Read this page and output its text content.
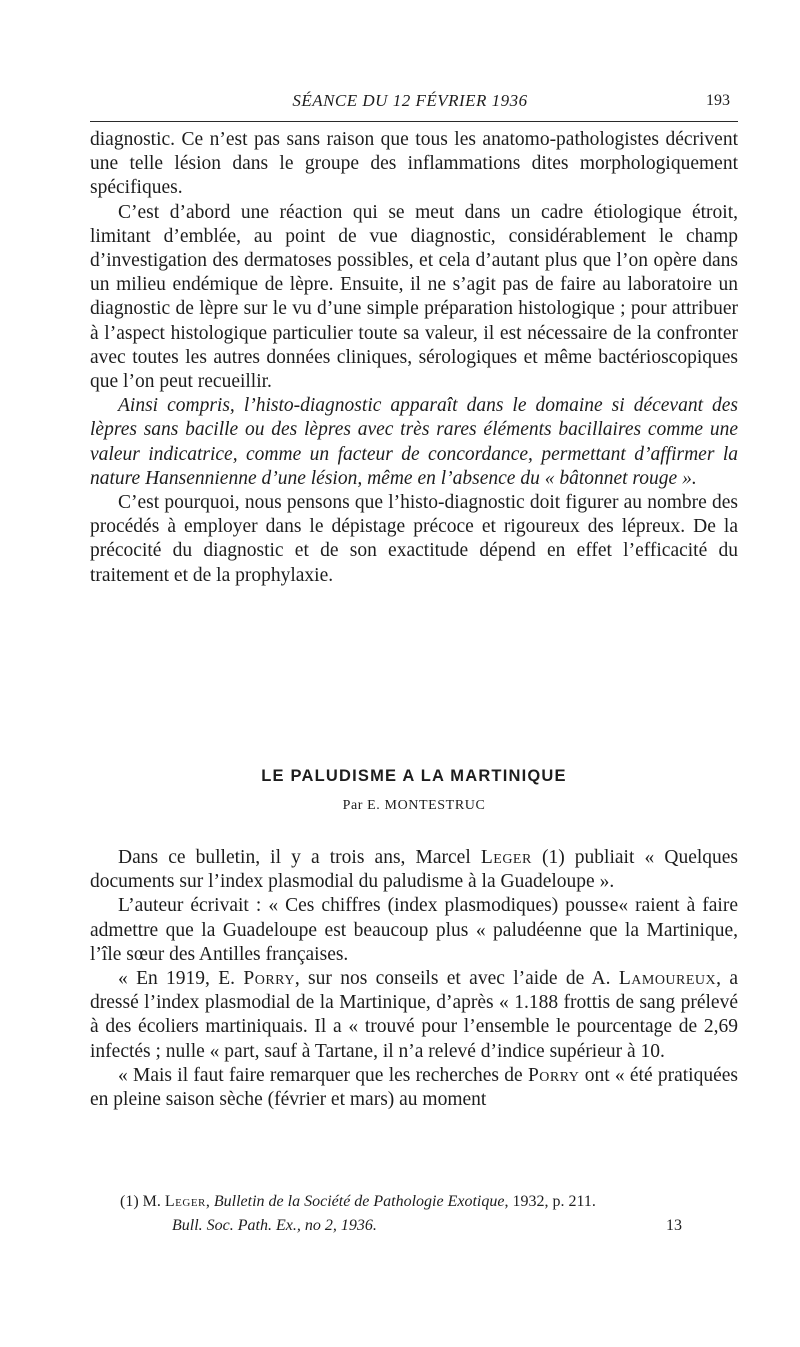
SÉANCE DU 12 FÉVRIER 1936	193

diagnostic. Ce n’est pas sans raison que tous les anatomo-pathologistes décrivent une telle lésion dans le groupe des inflammations dites morphologiquement spécifiques.

C’est d’abord une réaction qui se meut dans un cadre étiologique étroit, limitant d’emblée, au point de vue diagnostic, considérablement le champ d’investigation des dermatoses possibles, et cela d’autant plus que l’on opère dans un milieu endémique de lèpre. Ensuite, il ne s’agit pas de faire au laboratoire un diagnostic de lèpre sur le vu d’une simple préparation histologique ; pour attribuer à l’aspect histologique particulier toute sa valeur, il est nécessaire de la confronter avec toutes les autres données cliniques, sérologiques et même bactérioscopiques que l’on peut recueillir.

Ainsi compris, l’histo-diagnostic apparaît dans le domaine si décevant des lèpres sans bacille ou des lèpres avec très rares éléments bacillaires comme une valeur indicatrice, comme un facteur de concordance, permettant d’affirmer la nature Hansennienne d’une lésion, même en l’absence du « bâtonnet rouge ».

C’est pourquoi, nous pensons que l’histo-diagnostic doit figurer au nombre des procédés à employer dans le dépistage précoce et rigoureux des lépreux. De la précocité du diagnostic et de son exactitude dépend en effet l’efficacité du traitement et de la prophylaxie.

LE PALUDISME A LA MARTINIQUE
Par E. MONTESTRUC

Dans ce bulletin, il y a trois ans, Marcel Leger (1) publiait « Quelques documents sur l’index plasmodial du paludisme à la Guadeloupe ».

L’auteur écrivait : « Ces chiffres (index plasmodiques) pousse« raient à faire admettre que la Guadeloupe est beaucoup plus « paludéenne que la Martinique, l’île sœur des Antilles françaises.

« En 1919, E. Porry, sur nos conseils et avec l’aide de A. Lamoureux, a dressé l’index plasmodial de la Martinique, d’après « 1.188 frottis de sang prélevé à des écoliers martiniquais. Il a « trouvé pour l’ensemble le pourcentage de 2,69 infectés ; nulle « part, sauf à Tartane, il n’a relevé d’indice supérieur à 10.

« Mais il faut faire remarquer que les recherches de Porry ont « été pratiquées en pleine saison sèche (février et mars) au moment

(1) M. Leger, Bulletin de la Société de Pathologie Exotique, 1932, p. 211.
Bull. Soc. Path. Ex., no 2, 1936.	13
